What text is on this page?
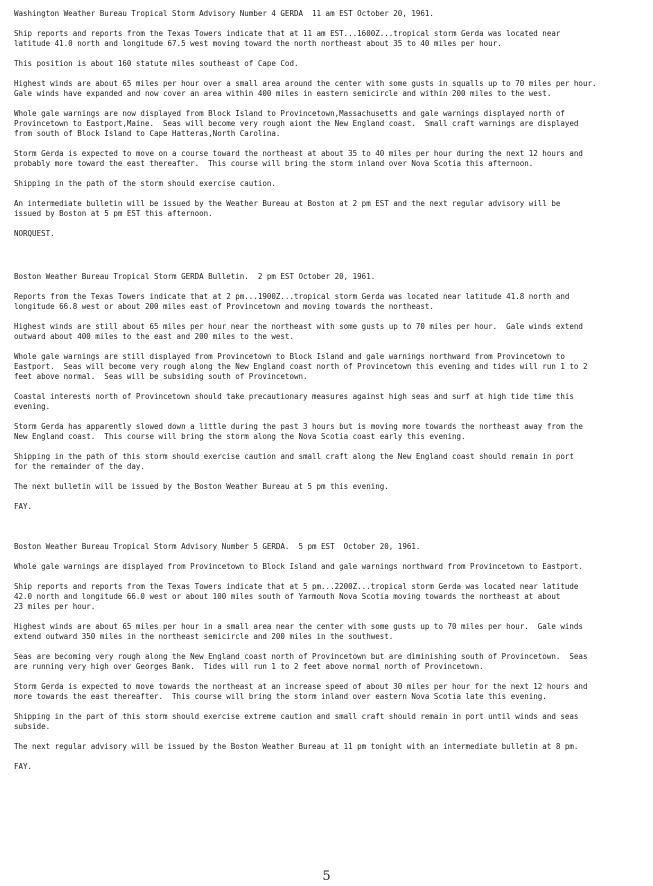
Washington Weather Bureau Tropical Storm Advisory Number 4 GERDA  11 am EST October 20, 1961.
Ship reports and reports from the Texas Towers indicate that at 11 am EST...1600Z...tropical storm Gerda was located near
latitude 41.0 north and longitude 67.5 west moving toward the north northeast about 35 to 40 miles per hour.
This position is about 160 statute miles southeast of Cape Cod.
Highest winds are about 65 miles per hour over a small area around the center with some gusts in squalls up to 70 miles per hour.
Gale winds have expanded and now cover an area within 400 miles in eastern semicircle and within 200 miles to the west.
Whole gale warnings are now displayed from Block Island to Provincetown,Massachusetts and gale warnings displayed north of
Provincetown to Eastport,Maine.  Seas will become very rough aiont the New England coast.  Small craft warnings are displayed
from south of Block Island to Cape Hatteras,North Carolina.
Storm Gerda is expected to move on a course toward the northeast at about 35 to 40 miles per hour during the next 12 hours and
probably more toward the east thereafter.  This course will bring the storm inland over Nova Scotia this afternoon.
Shipping in the path of the storm should exercise caution.
An intermediate bulletin will be issued by the Weather Bureau at Boston at 2 pm EST and the next regular advisory will be
issued by Boston at 5 pm EST this afternoon.
NORQUEST.
Boston Weather Bureau Tropical Storm GERDA Bulletin.  2 pm EST October 20, 1961.
Reports from the Texas Towers indicate that at 2 pm...1900Z...tropical storm Gerda was located near latitude 41.8 north and
longitude 66.8 west or about 200 miles east of Provincetown and moving towards the northeast.
Highest winds are still about 65 miles per hour near the northeast with some gusts up to 70 miles per hour.  Gale winds extend
outward about 400 miles to the east and 200 miles to the west.
Whole gale warnings are still displayed from Provincetown to Block Island and gale warnings northward from Provincetown to
Eastport.  Seas will become very rough along the New England coast north of Provincetown this evening and tides will run 1 to 2
feet above normal.  Seas will be subsiding south of Provincetown.
Coastal interests north of Provincetown should take precautionary measures against high seas and surf at high tide time this
evening.
Storm Gerda has apparently slowed down a little during the past 3 hours but is moving more towards the northeast away from the
New England coast.  This course will bring the storm along the Nova Scotia coast early this evening.
Shipping in the path of this storm should exercise caution and small craft along the New England coast should remain in port
for the remainder of the day.
The next bulletin will be issued by the Boston Weather Bureau at 5 pm this evening.
FAY.
Boston Weather Bureau Tropical Storm Advisory Number 5 GERDA.  5 pm EST  October 20, 1961.
Whole gale warnings are displayed from Provincetown to Block Island and gale warnings northward from Provincetown to Eastport.
Ship reports and reports from the Texas Towers indicate that at 5 pm...2200Z...tropical storm Gerda was located near latitude
42.0 north and longitude 66.0 west or about 100 miles south of Yarmouth Nova Scotia moving towards the northeast at about
23 miles per hour.
Highest winds are about 65 miles per hour in a small area near the center with some gusts up to 70 miles per hour.  Gale winds
extend outward 350 miles in the northeast semicircle and 200 miles in the southwest.
Seas are becoming very rough along the New England coast north of Provincetown but are diminishing south of Provincetown.  Seas
are running very high over Georges Bank.  Tides will run 1 to 2 feet above normal north of Provincetown.
Storm Gerda is expected to move towards the northeast at an increase speed of about 30 miles per hour for the next 12 hours and
more towards the east thereafter.  This course will bring the storm inland over eastern Nova Scotia late this evening.
Shipping in the part of this storm should exercise extreme caution and small craft should remain in port until winds and seas
subside.
The next regular advisory will be issued by the Boston Weather Bureau at 11 pm tonight with an intermediate bulletin at 8 pm.
FAY.
5
